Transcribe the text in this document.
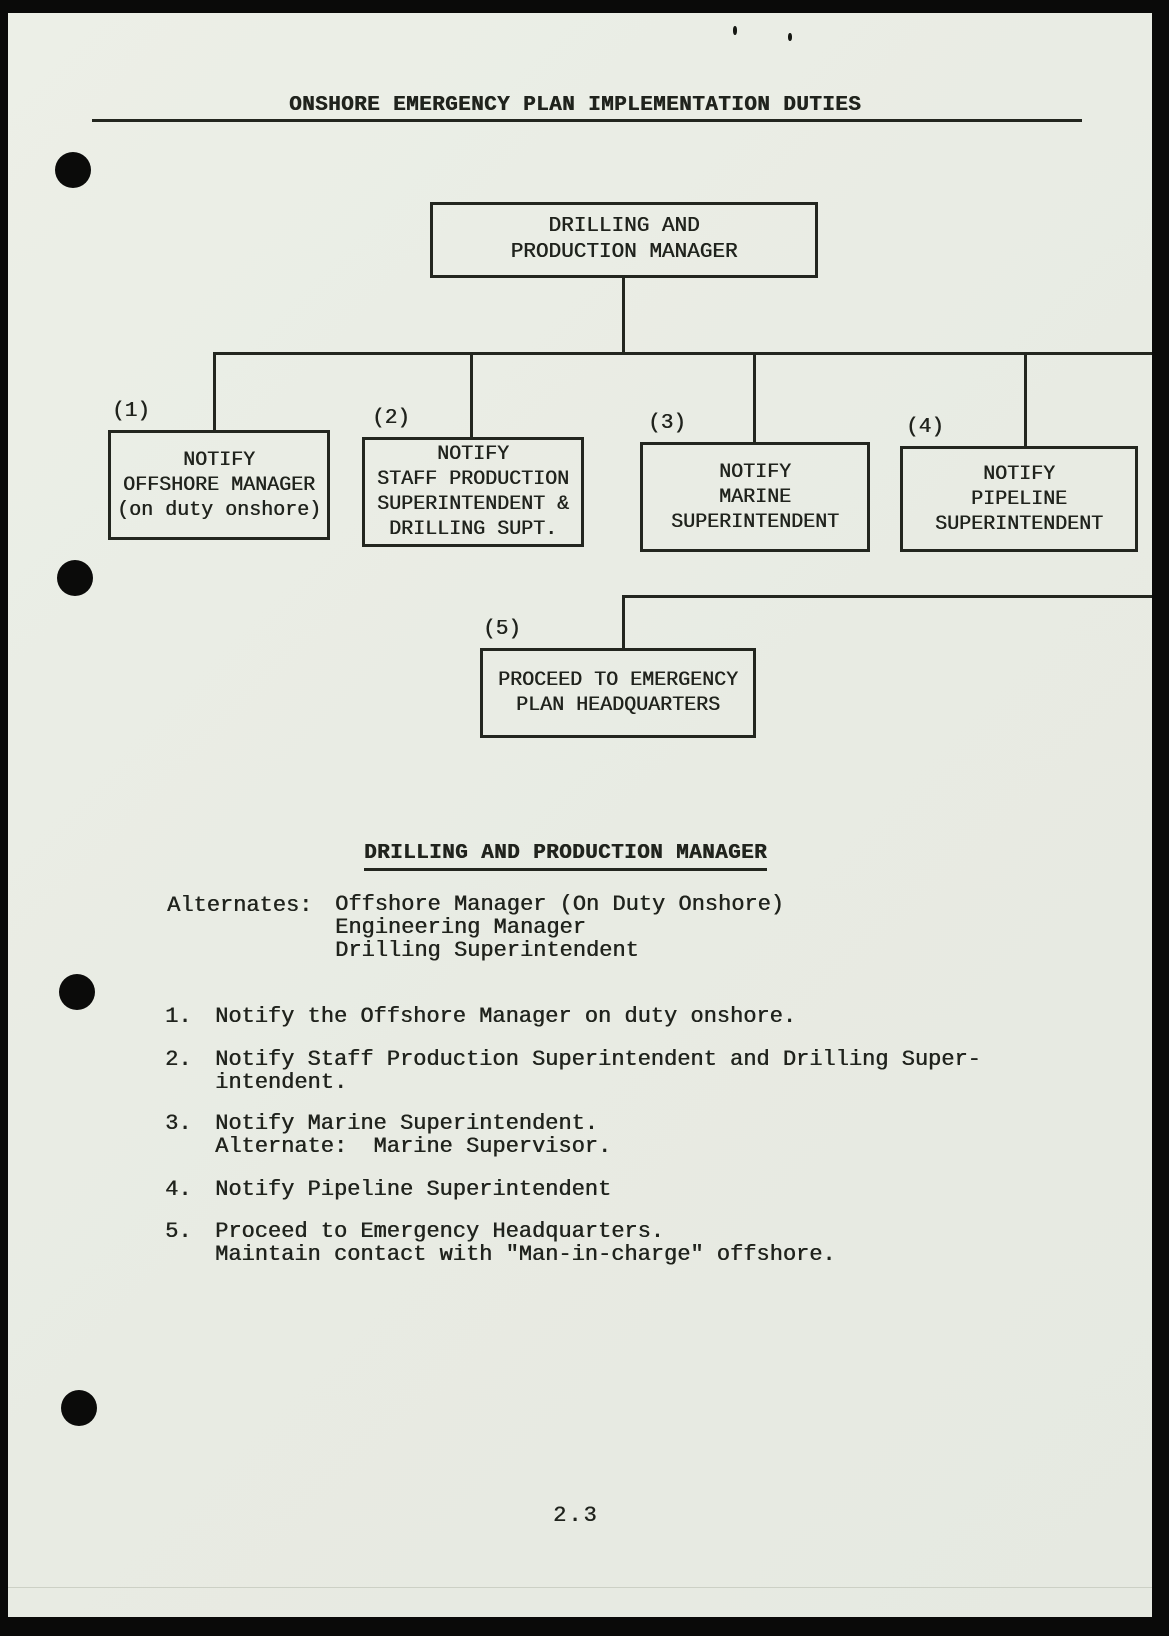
ONSHORE EMERGENCY PLAN IMPLEMENTATION DUTIES
DRILLING AND
PRODUCTION MANAGER
(1)
NOTIFY
OFFSHORE MANAGER
(on duty onshore)
(2)
NOTIFY
STAFF PRODUCTION
SUPERINTENDENT &
DRILLING SUPT.
(3)
NOTIFY
MARINE
SUPERINTENDENT
(4)
NOTIFY
PIPELINE
SUPERINTENDENT
(5)
PROCEED TO EMERGENCY
PLAN HEADQUARTERS
DRILLING AND PRODUCTION MANAGER
Alternates: Offshore Manager (On Duty Onshore)
Engineering Manager
Drilling Superintendent
1.	Notify the Offshore Manager on duty onshore.
2.	Notify Staff Production Superintendent and Drilling Super-
intendent.
3.	Notify Marine Superintendent.
Alternate:  Marine Supervisor.
4.	Notify Pipeline Superintendent
5.	Proceed to Emergency Headquarters.
Maintain contact with "Man-in-charge" offshore.
2.3
